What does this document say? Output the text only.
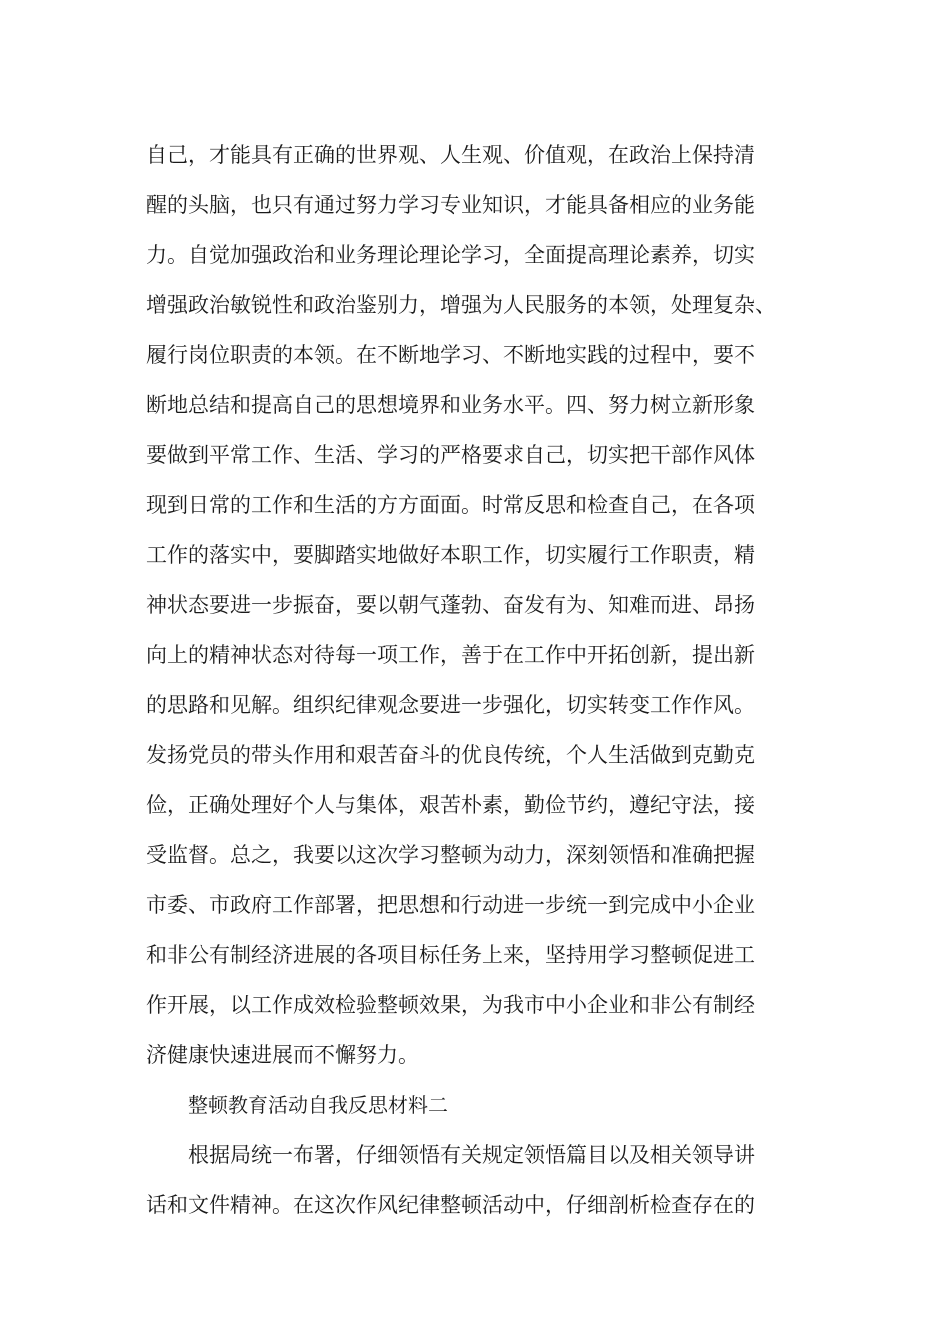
自己，才能具有正确的世界观、人生观、价值观，在政治上保持清
醒的头脑，也只有通过努力学习专业知识，才能具备相应的业务能
力。自觉加强政治和业务理论理论学习，全面提高理论素养，切实
增强政治敏锐性和政治鉴别力，增强为人民服务的本领，处理复杂、
履行岗位职责的本领。在不断地学习、不断地实践的过程中，要不
断地总结和提高自己的思想境界和业务水平。四、努力树立新形象
要做到平常工作、生活、学习的严格要求自己，切实把干部作风体
现到日常的工作和生活的方方面面。时常反思和检查自己，在各项
工作的落实中，要脚踏实地做好本职工作，切实履行工作职责，精
神状态要进一步振奋，要以朝气蓬勃、奋发有为、知难而进、昂扬
向上的精神状态对待每一项工作，善于在工作中开拓创新，提出新
的思路和见解。组织纪律观念要进一步强化，切实转变工作作风。
发扬党员的带头作用和艰苦奋斗的优良传统，个人生活做到克勤克
俭，正确处理好个人与集体，艰苦朴素，勤俭节约，遵纪守法，接
受监督。总之，我要以这次学习整顿为动力，深刻领悟和准确把握
市委、市政府工作部署，把思想和行动进一步统一到完成中小企业
和非公有制经济进展的各项目标任务上来，坚持用学习整顿促进工
作开展，以工作成效检验整顿效果，为我市中小企业和非公有制经
济健康快速进展而不懈努力。
整顿教育活动自我反思材料二
根据局统一布署，仔细领悟有关规定领悟篇目以及相关领导讲
话和文件精神。在这次作风纪律整顿活动中，仔细剖析检查存在的
